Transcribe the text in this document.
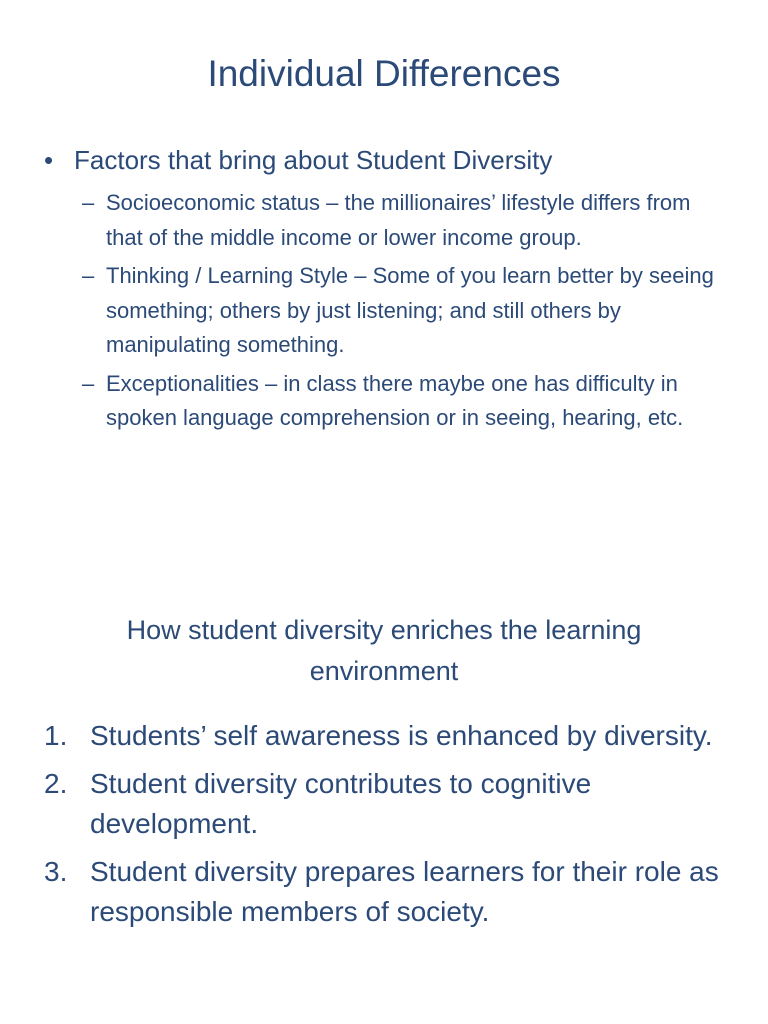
Individual Differences
• Factors that bring about Student Diversity
– Socioeconomic status – the millionaires’ lifestyle differs from that of the middle income or lower income group.
– Thinking / Learning Style – Some of you learn better by seeing something; others by just listening; and still others by manipulating something.
– Exceptionalities – in class there maybe one has difficulty in spoken language comprehension or in seeing, hearing, etc.
How student diversity enriches the learning environment
1. Students’ self awareness is enhanced by diversity.
2. Student diversity contributes to cognitive development.
3. Student diversity prepares learners for their role as responsible members of society.
